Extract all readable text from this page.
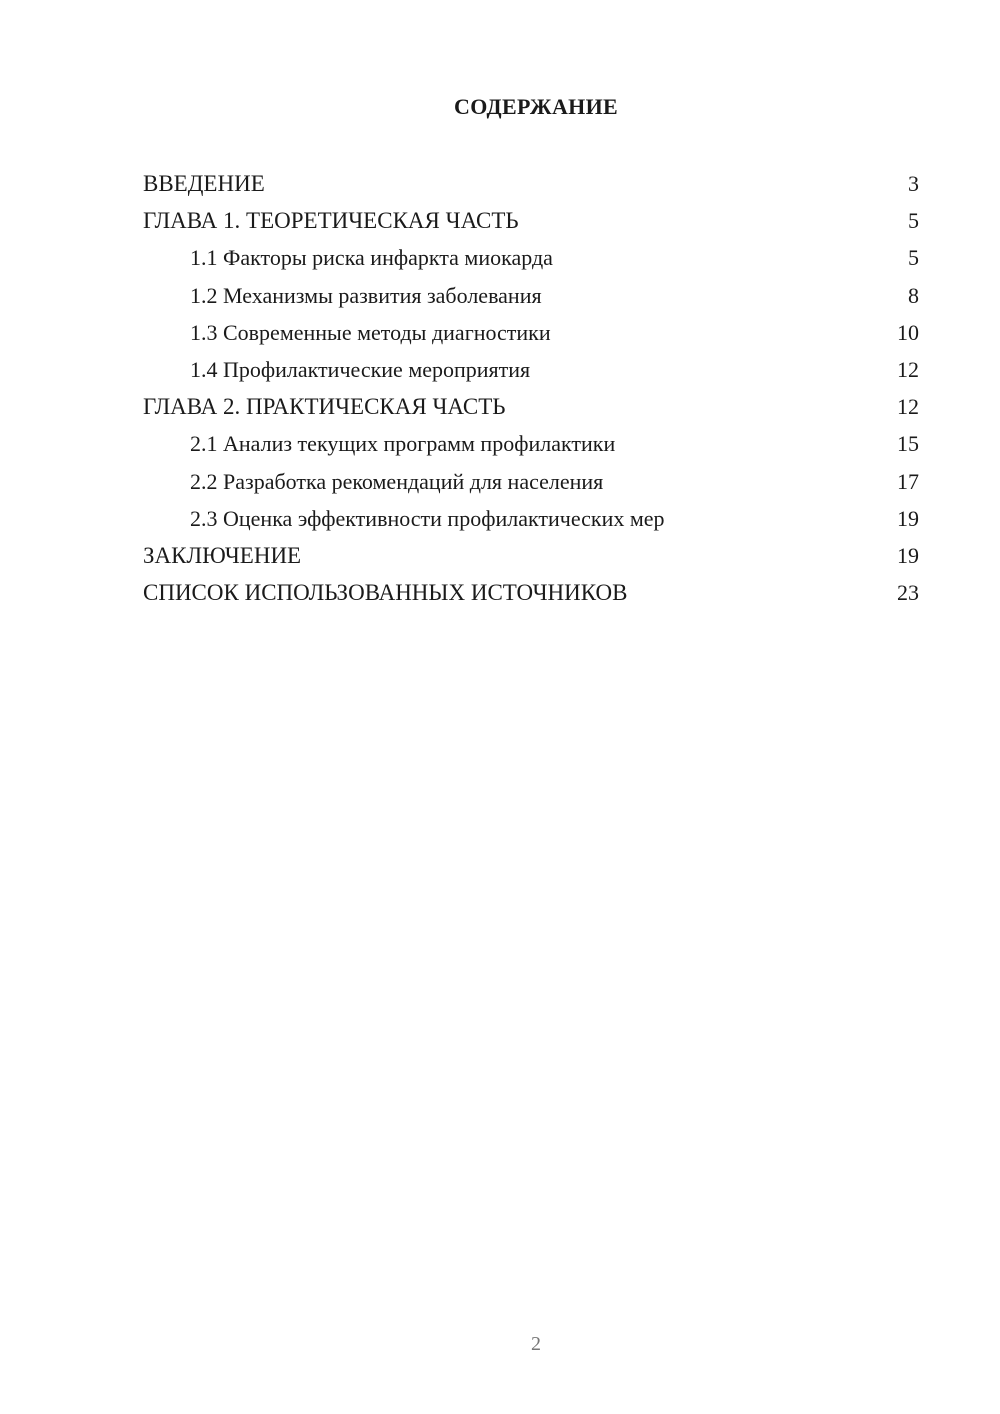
СОДЕРЖАНИЕ
ВВЕДЕНИЕ	3
ГЛАВА 1. ТЕОРЕТИЧЕСКАЯ ЧАСТЬ	5
1.1 Факторы риска инфаркта миокарда	5
1.2 Механизмы развития заболевания	8
1.3 Современные методы диагностики	10
1.4 Профилактические мероприятия	12
ГЛАВА 2. ПРАКТИЧЕСКАЯ ЧАСТЬ	12
2.1 Анализ текущих программ профилактики	15
2.2 Разработка рекомендаций для населения	17
2.3 Оценка эффективности профилактических мер	19
ЗАКЛЮЧЕНИЕ	19
СПИСОК ИСПОЛЬЗОВАННЫХ ИСТОЧНИКОВ	23
2
